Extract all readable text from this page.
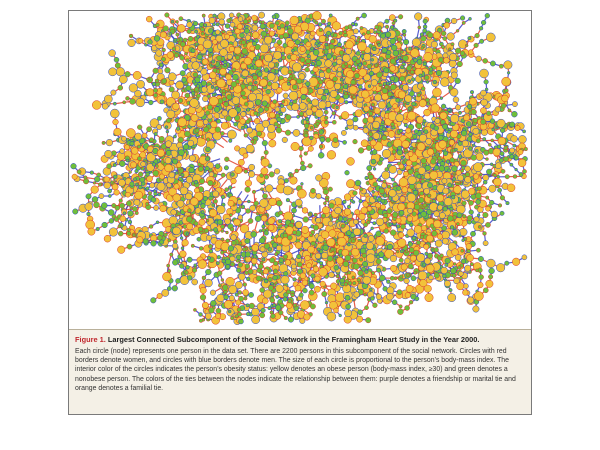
Figure 1. Largest Connected Subcomponent of the Social Network in the Framingham Heart Study in the Year 2000.

Each circle (node) represents one person in the data set. There are 2200 persons in this subcomponent of the social network. Circles with red borders denote women, and circles with blue borders denote men. The size of each circle is proportional to the person’s body-mass index. The interior color of the circles indicates the person’s obesity status: yellow denotes an obese person (body-mass index, ≥30) and green denotes a nonobese person. The colors of the ties between the nodes indicate the relationship between them: purple denotes a friendship or marital tie and orange denotes a familial tie.
